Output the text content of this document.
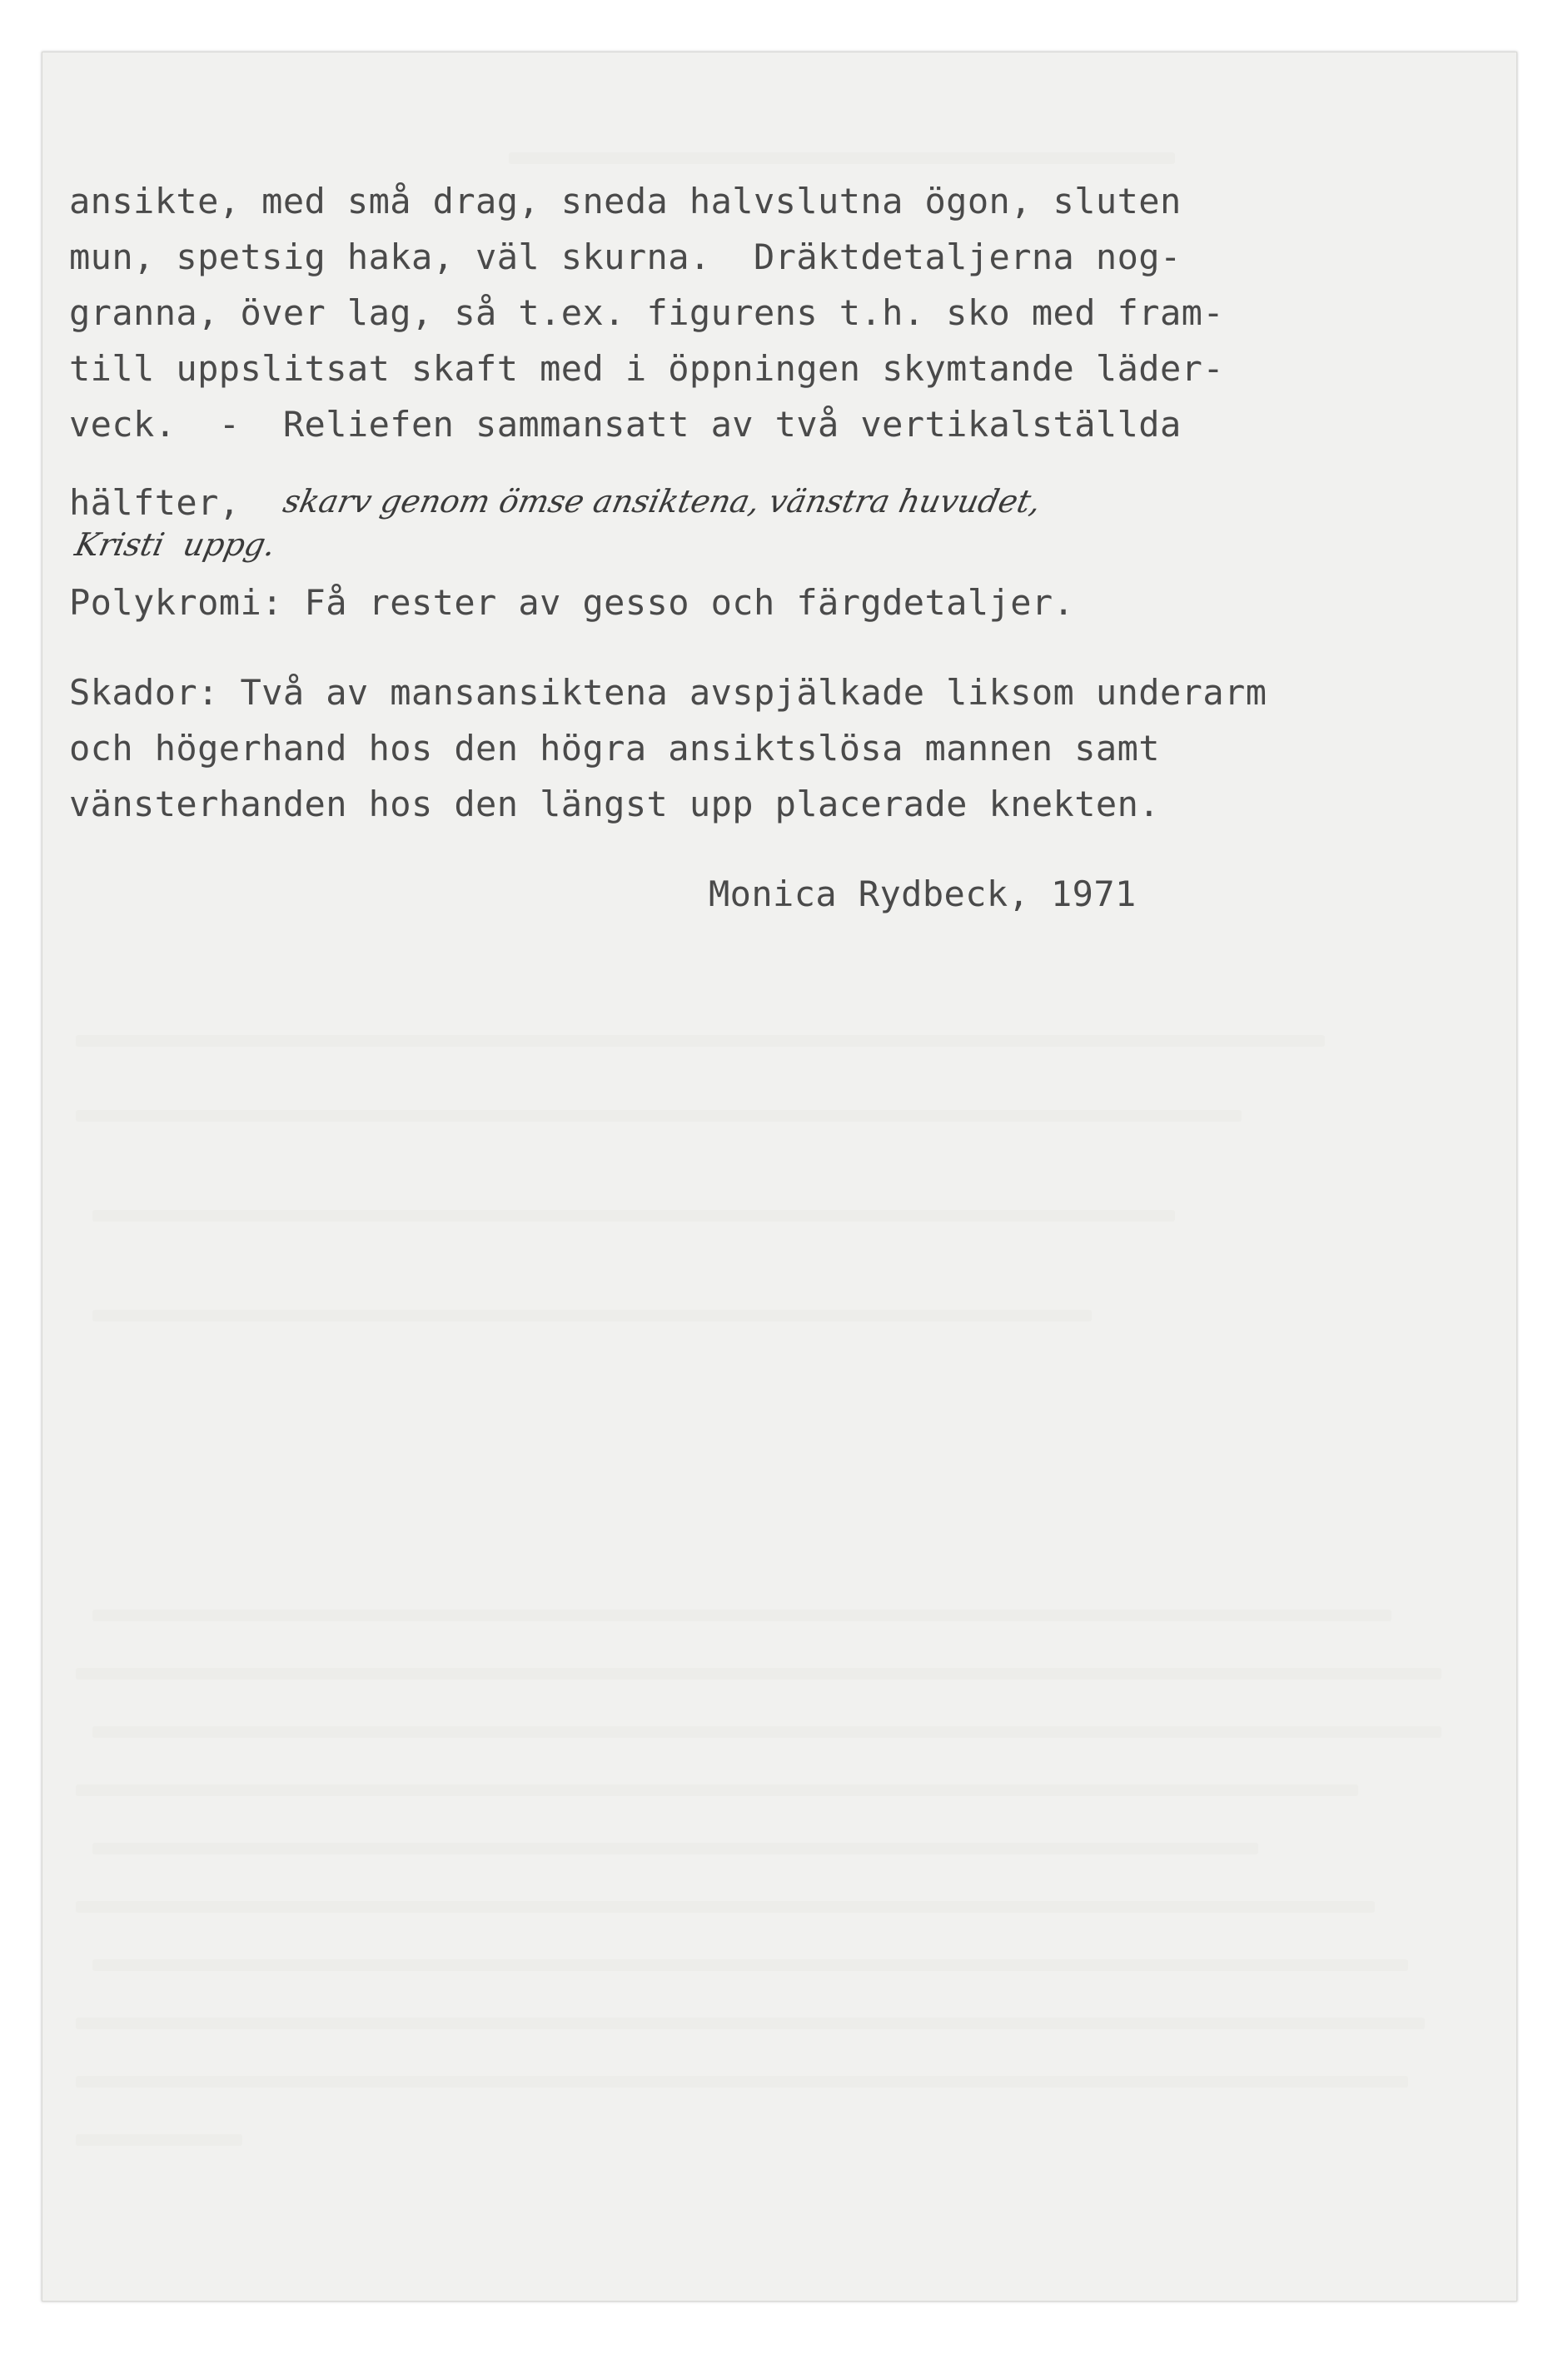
ansikte, med små drag, sneda halvslutna ögon, sluten
mun, spetsig haka, väl skurna.  Dräktdetaljerna nog-
granna, över lag, så t.ex. figurens t.h. sko med fram-
till uppslitsat skaft med i öppningen skymtande läder-
veck.  -  Reliefen sammansatt av två vertikalställda
hälfter, skarv genom ömse ansiktena, vänstra huvudet,
Kristi  uppg.
Polykromi: Få rester av gesso och färgdetaljer.
Skador: Två av mansansiktena avspjälkade liksom underarm
och högerhand hos den högra ansiktslösa mannen samt
vänsterhanden hos den längst upp placerade knekten.
Monica Rydbeck, 1971
